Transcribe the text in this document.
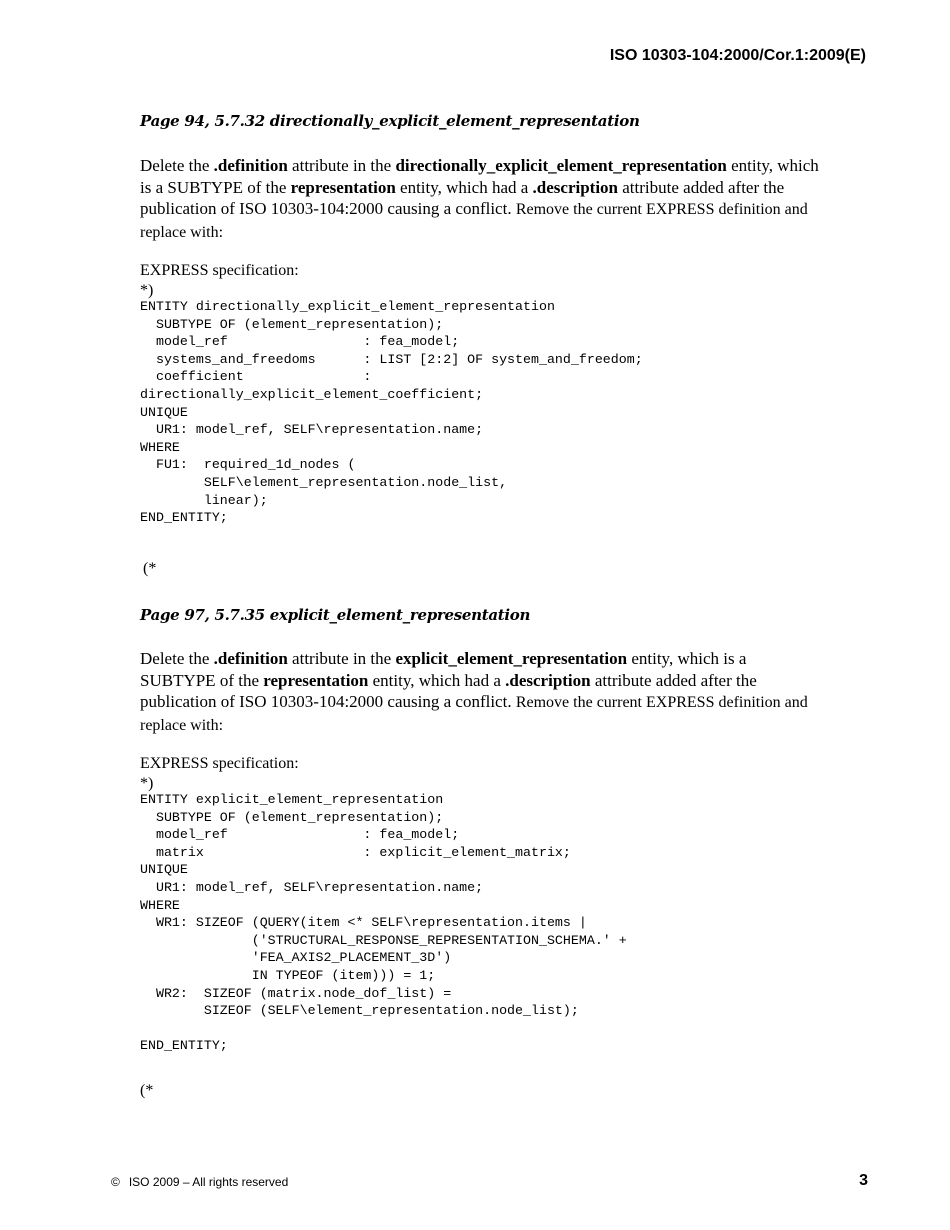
ISO 10303-104:2000/Cor.1:2009(E)
Page 94, 5.7.32 directionally_explicit_element_representation
Delete the .definition attribute in the directionally_explicit_element_representation entity, which is a SUBTYPE of the representation entity, which had a .description attribute added after the publication of ISO 10303-104:2000 causing a conflict. Remove the current EXPRESS definition and replace with:
EXPRESS specification:
*)
ENTITY directionally_explicit_element_representation
SUBTYPE OF (element_representation);
model_ref                 : fea_model;
systems_and_freedoms      : LIST [2:2] OF system_and_freedom;
coefficient               :
directionally_explicit_element_coefficient;
UNIQUE
UR1: model_ref, SELF\representation.name;
WHERE
FU1:  required_1d_nodes (
SELF\element_representation.node_list,
linear);
END_ENTITY;
(*
Page 97, 5.7.35 explicit_element_representation
Delete the .definition attribute in the explicit_element_representation entity, which is a SUBTYPE of the representation entity, which had a .description attribute added after the publication of ISO 10303-104:2000 causing a conflict. Remove the current EXPRESS definition and replace with:
EXPRESS specification:
*)
ENTITY explicit_element_representation
SUBTYPE OF (element_representation);
model_ref                 : fea_model;
matrix                    : explicit_element_matrix;
UNIQUE
UR1: model_ref, SELF\representation.name;
WHERE
WR1: SIZEOF (QUERY(item <* SELF\representation.items |
('STRUCTURAL_RESPONSE_REPRESENTATION_SCHEMA.' +
'FEA_AXIS2_PLACEMENT_3D')
IN TYPEOF (item))) = 1;
WR2:  SIZEOF (matrix.node_dof_list) =
SIZEOF (SELF\element_representation.node_list);

END_ENTITY;
(*
© ISO 2009 – All rights reserved	3
